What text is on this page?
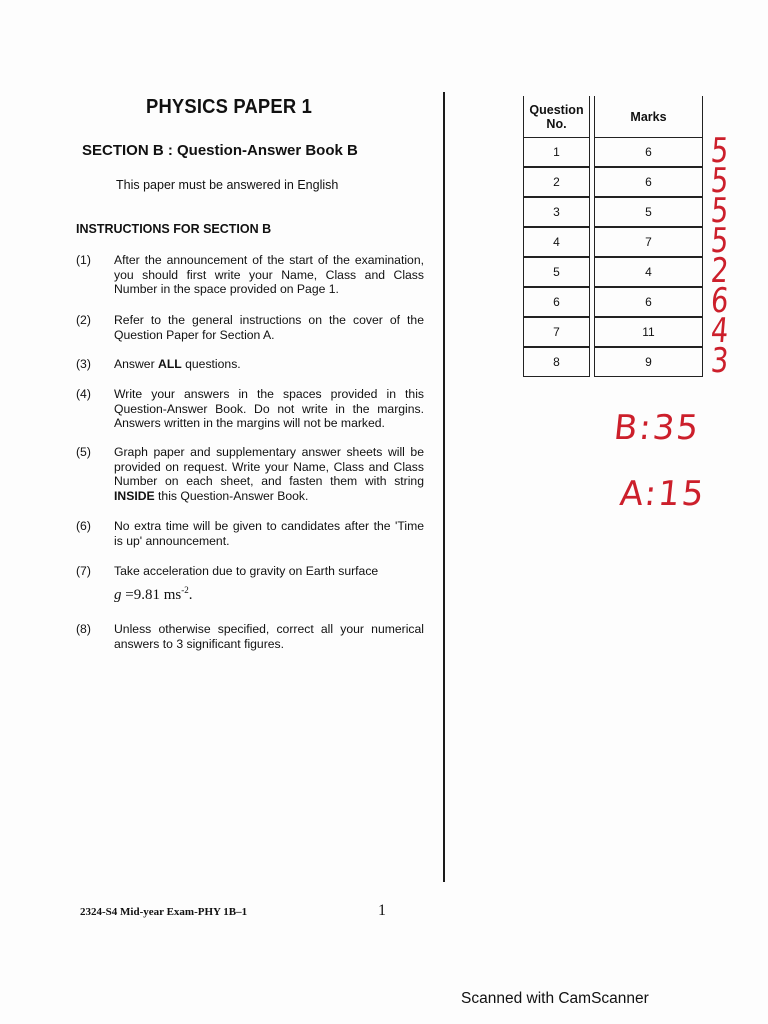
PHYSICS PAPER 1
SECTION B : Question-Answer Book B
This paper must be answered in English
INSTRUCTIONS FOR SECTION B
(1)	After the announcement of the start of the examination, you should first write your Name, Class and Class Number in the space provided on Page 1.
(2)	Refer to the general instructions on the cover of the Question Paper for Section A.
(3)	Answer ALL questions.
(4)	Write your answers in the spaces provided in this Question-Answer Book. Do not write in the margins. Answers written in the margins will not be marked.
(5)	Graph paper and supplementary answer sheets will be provided on request. Write your Name, Class and Class Number on each sheet, and fasten them with string INSIDE this Question-Answer Book.
(6)	No extra time will be given to candidates after the 'Time is up' announcement.
(7)	Take acceleration due to gravity on Earth surface
g =9.81 $ms^{-2}$.
(8)	Unless otherwise specified, correct all your numerical answers to 3 significant figures.
2324-S4 Mid-year Exam-PHY 1B–1	1
Question No.	Marks
1	6
2	6
3	5
4	7
5	4
6	6
7	11
8	9
5
5
5
5
2
6
4
3
B:35
A:15
Scanned with CamScanner
